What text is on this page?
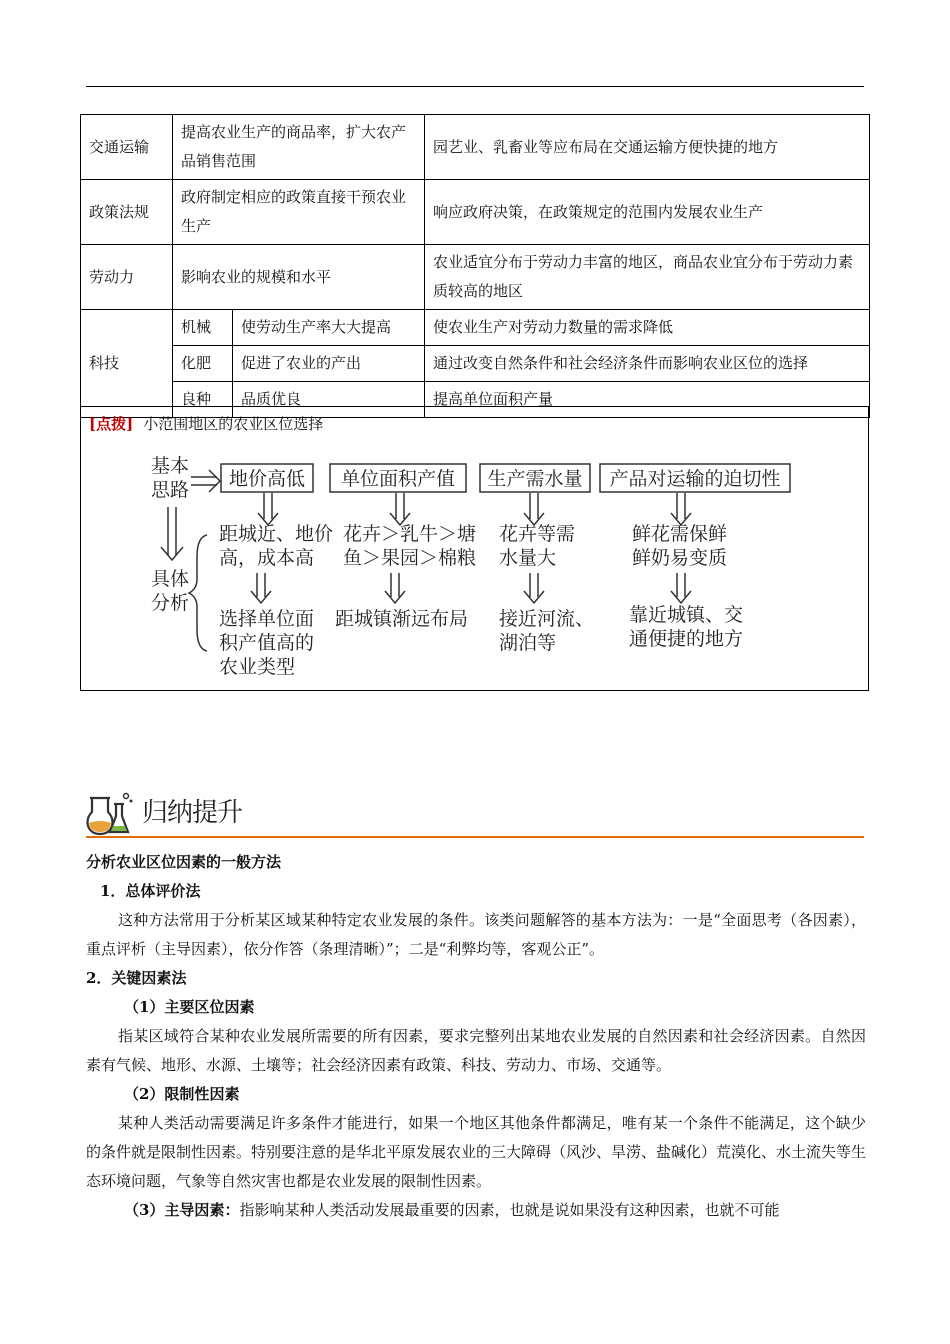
交通运输	提高农业生产的商品率，扩大农产品销售范围		园艺业、乳畜业等应布局在交通运输方便快捷的地方
政策法规	政府制定相应的政策直接干预农业生产		响应政府决策，在政策规定的范围内发展农业生产
劳动力	影响农业的规模和水平		农业适宜分布于劳动力丰富的地区，商品农业宜分布于劳动力素质较高的地区
科技	机械	使劳动生产率大大提高	使农业生产对劳动力数量的需求降低
	化肥	促进了农业的产出	通过改变自然条件和社会经济条件而影响农业区位的选择
	良种	品质优良	提高单位面积产量
[点拨] 小范围地区的农业区位选择
基本
思路
具体
分析
地价高低 单位面积产值 生产需水量 产品对运输的迫切性
距城近、地价
高，成本高
花卉＞乳牛＞塘
鱼＞果园＞棉粮
花卉等需
水量大
鲜花需保鲜
鲜奶易变质
选择单位面
积产值高的
农业类型
距城镇渐远布局 接近河流、
湖泊等
靠近城镇、交
通便捷的地方
归纳提升

分析农业区位因素的一般方法

1．总体评价法

这种方法常用于分析某区域某种特定农业发展的条件。该类问题解答的基本方法为：一是“全面思考（各因素），重点评析（主导因素），依分作答（条理清晰）”；二是“利弊均等，客观公正”。

2．关键因素法

（1）主要区位因素

指某区域符合某种农业发展所需要的所有因素，要求完整列出某地农业发展的自然因素和社会经济因素。自然因素有气候、地形、水源、土壤等；社会经济因素有政策、科技、劳动力、市场、交通等。

（2）限制性因素

某种人类活动需要满足许多条件才能进行，如果一个地区其他条件都满足，唯有某一个条件不能满足，这个缺少的条件就是限制性因素。特别要注意的是华北平原发展农业的三大障碍（风沙、旱涝、盐碱化）荒漠化、水土流失等生态环境问题，气象等自然灾害也都是农业发展的限制性因素。

（3）主导因素：指影响某种人类活动发展最重要的因素，也就是说如果没有这种因素，也就不可能
